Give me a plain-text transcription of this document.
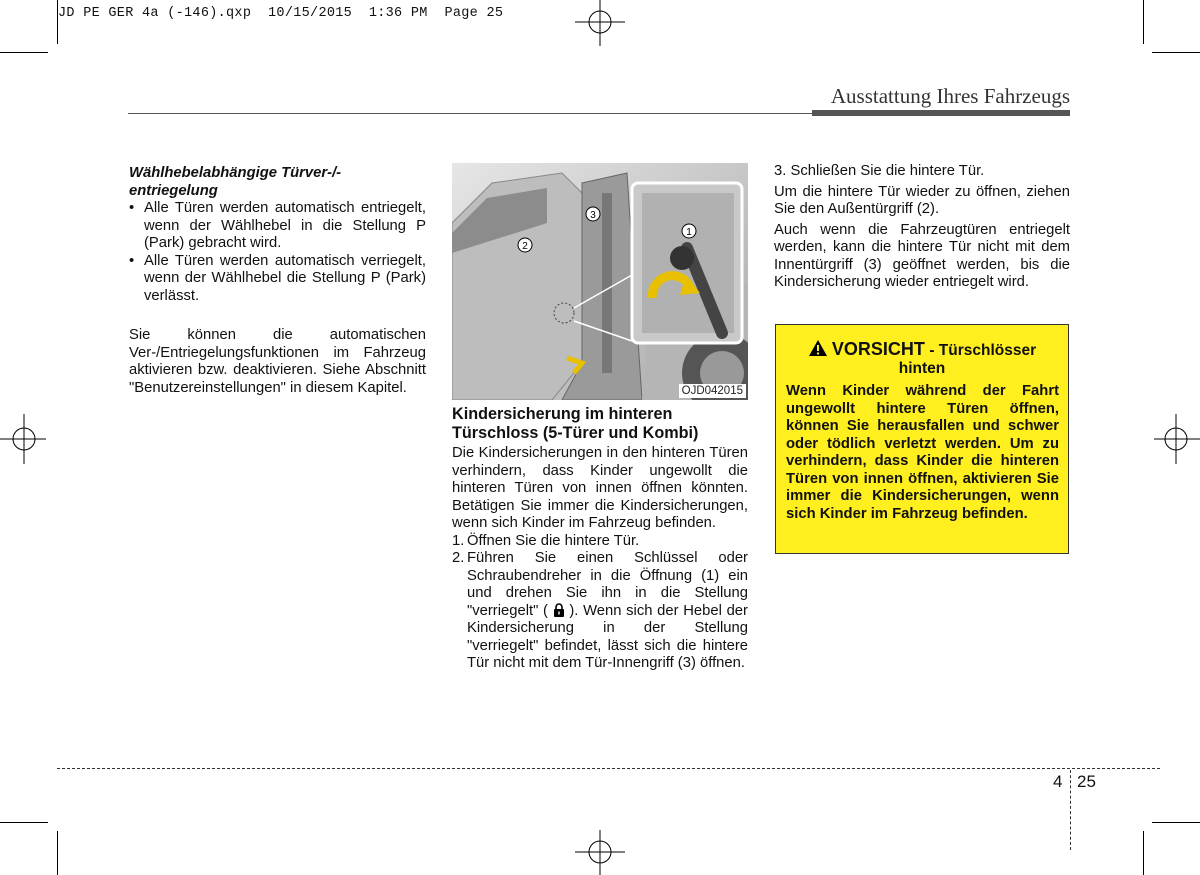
JD PE GER 4a (-146).qxp  10/15/2015  1:36 PM  Page 25
Ausstattung Ihres Fahrzeugs
Wählhebelabhängige Türver-/-entriegelung
• Alle Türen werden automatisch entriegelt, wenn der Wählhebel in die Stellung P (Park) gebracht wird.
• Alle Türen werden automatisch verriegelt, wenn der Wählhebel die Stellung P (Park) verlässt.

Sie können die automatischen Ver-/Entriegelungsfunktionen im Fahrzeug aktivieren bzw. deaktivieren. Siehe Abschnitt "Benutzereinstellungen" in diesem Kapitel.

1
2
3
OJD042015
Kindersicherung im hinteren Türschloss (5-Türer und Kombi)

Die Kindersicherungen in den hinteren Türen verhindern, dass Kinder ungewollt die hinteren Türen von innen öffnen könnten. Betätigen Sie immer die Kindersicherungen, wenn sich Kinder im Fahrzeug befinden.

1. Öffnen Sie die hintere Tür.
2. Führen Sie einen Schlüssel oder Schraubendreher in die Öffnung (1) ein und drehen Sie ihn in die Stellung "verriegelt" ( ). Wenn sich der Hebel der Kindersicherung in der Stellung "verriegelt" befindet, lässt sich die hintere Tür nicht mit dem Tür-Innengriff (3) öffnen.

3. Schließen Sie die hintere Tür.

Um die hintere Tür wieder zu öffnen, ziehen Sie den Außentürgriff (2).

Auch wenn die Fahrzeugtüren entriegelt werden, kann die hintere Tür nicht mit dem Innentürgriff (3) geöffnet werden, bis die Kindersicherung wieder entriegelt wird.

VORSICHT - Türschlösser
hinten
Wenn Kinder während der Fahrt ungewollt hintere Türen öffnen, können Sie herausfallen und schwer oder tödlich verletzt werden. Um zu verhindern, dass Kinder die hinteren Türen von innen öffnen, aktivieren Sie immer die Kindersicherungen, wenn sich Kinder im Fahrzeug befinden.
4 25
